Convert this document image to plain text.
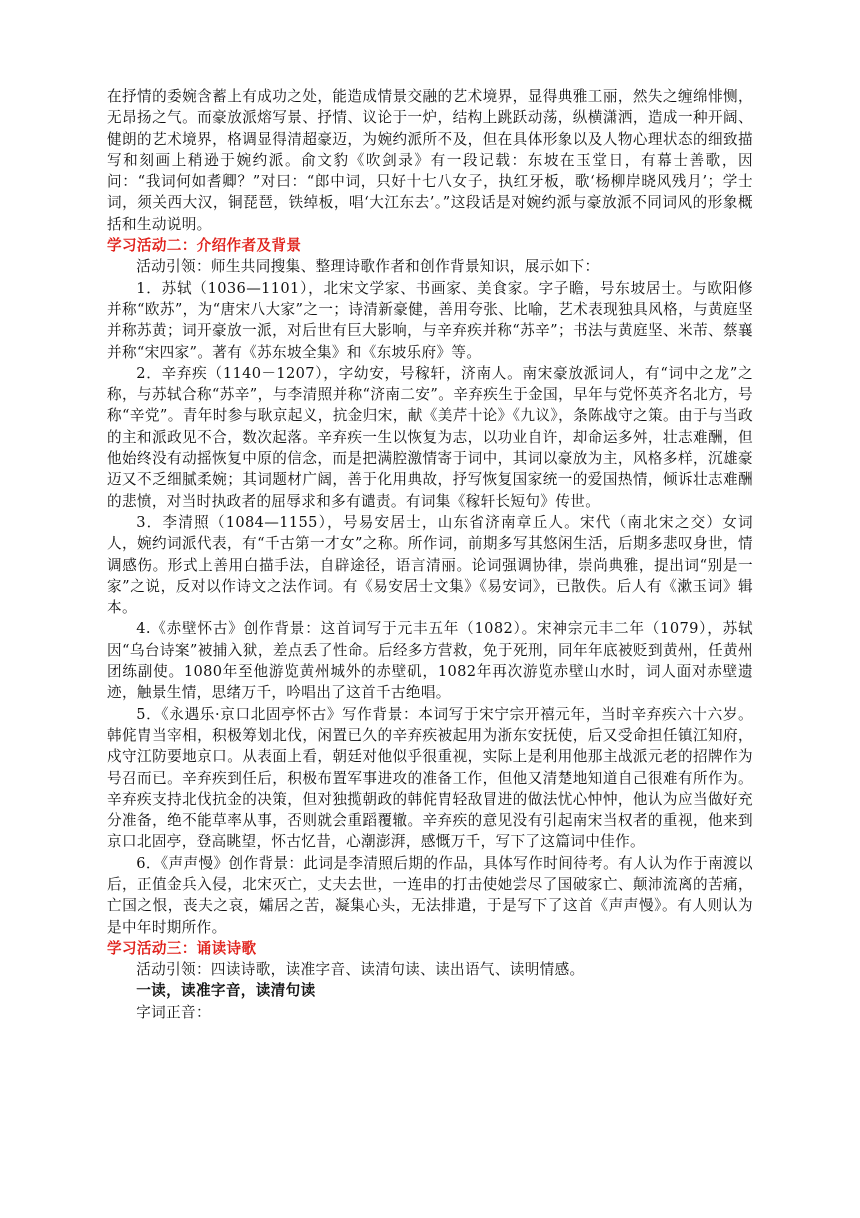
在抒情的委婉含蓄上有成功之处，能造成情景交融的艺术境界，显得典雅工丽，然失之缠绵悱恻，无昂扬之气。而豪放派熔写景、抒情、议论于一炉，结构上跳跃动荡，纵横潇洒，造成一种开阔、健朗的艺术境界，格调显得清超豪迈，为婉约派所不及，但在具体形象以及人物心理状态的细致描写和刻画上稍逊于婉约派。俞文豹《吹剑录》有一段记载：东坡在玉堂日，有幕士善歌，因问：“我词何如耆卿？”对曰：“郎中词，只好十七八女子，执红牙板，歌‘杨柳岸晓风残月’；学士词，须关西大汉，铜琵琶，铁绰板，唱‘大江东去’。”这段话是对婉约派与豪放派不同词风的形象概括和生动说明。

学习活动二：介绍作者及背景

活动引领：师生共同搜集、整理诗歌作者和创作背景知识，展示如下：

1．苏轼（1036—1101），北宋文学家、书画家、美食家。字子瞻，号东坡居士。与欧阳修并称“欧苏”，为“唐宋八大家”之一；诗清新豪健，善用夸张、比喻，艺术表现独具风格，与黄庭坚并称苏黄；词开豪放一派，对后世有巨大影响，与辛弃疾并称“苏辛”；书法与黄庭坚、米芾、蔡襄并称“宋四家”。著有《苏东坡全集》和《东坡乐府》等。

2．辛弃疾（1140－1207），字幼安，号稼轩，济南人。南宋豪放派词人，有“词中之龙”之称，与苏轼合称“苏辛”，与李清照并称“济南二安”。辛弃疾生于金国，早年与党怀英齐名北方，号称“辛党”。青年时参与耿京起义，抗金归宋，献《美芹十论》《九议》，条陈战守之策。由于与当政的主和派政见不合，数次起落。辛弃疾一生以恢复为志，以功业自许，却命运多舛，壮志难酬，但他始终没有动摇恢复中原的信念，而是把满腔激情寄于词中，其词以豪放为主，风格多样，沉雄豪迈又不乏细腻柔婉；其词题材广阔，善于化用典故，抒写恢复国家统一的爱国热情，倾诉壮志难酬的悲愤，对当时执政者的屈辱求和多有谴责。有词集《稼轩长短句》传世。

3．李清照（1084—1155），号易安居士，山东省济南章丘人。宋代（南北宋之交）女词人，婉约词派代表，有“千古第一才女”之称。所作词，前期多写其悠闲生活，后期多悲叹身世，情调感伤。形式上善用白描手法，自辟途径，语言清丽。论词强调协律，崇尚典雅，提出词“别是一家”之说，反对以作诗文之法作词。有《易安居士文集》《易安词》，已散佚。后人有《漱玉词》辑本。

4.《赤壁怀古》创作背景：这首词写于元丰五年（1082）。宋神宗元丰二年（1079），苏轼因“乌台诗案”被捕入狱，差点丢了性命。后经多方营救，免于死刑，同年年底被贬到黄州，任黄州团练副使。1080年至他游览黄州城外的赤壁矶，1082年再次游览赤壁山水时，词人面对赤壁遗迹，触景生情，思绪万千，吟唱出了这首千古绝唱。

5．《永遇乐·京口北固亭怀古》写作背景：本词写于宋宁宗开禧元年，当时辛弃疾六十六岁。韩侂胄当宰相，积极筹划北伐，闲置已久的辛弃疾被起用为浙东安抚使，后又受命担任镇江知府，戍守江防要地京口。从表面上看，朝廷对他似乎很重视，实际上是利用他那主战派元老的招牌作为号召而已。辛弃疾到任后，积极布置军事进攻的准备工作，但他又清楚地知道自己很难有所作为。辛弃疾支持北伐抗金的决策，但对独揽朝政的韩侂胄轻敌冒进的做法忧心忡忡，他认为应当做好充分准备，绝不能草率从事，否则就会重蹈覆辙。辛弃疾的意见没有引起南宋当权者的重视，他来到京口北固亭，登高眺望，怀古忆昔，心潮澎湃，感慨万千，写下了这篇词中佳作。

6．《声声慢》创作背景：此词是李清照后期的作品，具体写作时间待考。有人认为作于南渡以后，正值金兵入侵，北宋灭亡，丈夫去世，一连串的打击使她尝尽了国破家亡、颠沛流离的苦痛，亡国之恨，丧夫之哀，孀居之苦，凝集心头，无法排遣，于是写下了这首《声声慢》。有人则认为是中年时期所作。

学习活动三：诵读诗歌

活动引领：四读诗歌，读准字音、读清句读、读出语气、读明情感。

一读，读准字音，读清句读

字词正音：
